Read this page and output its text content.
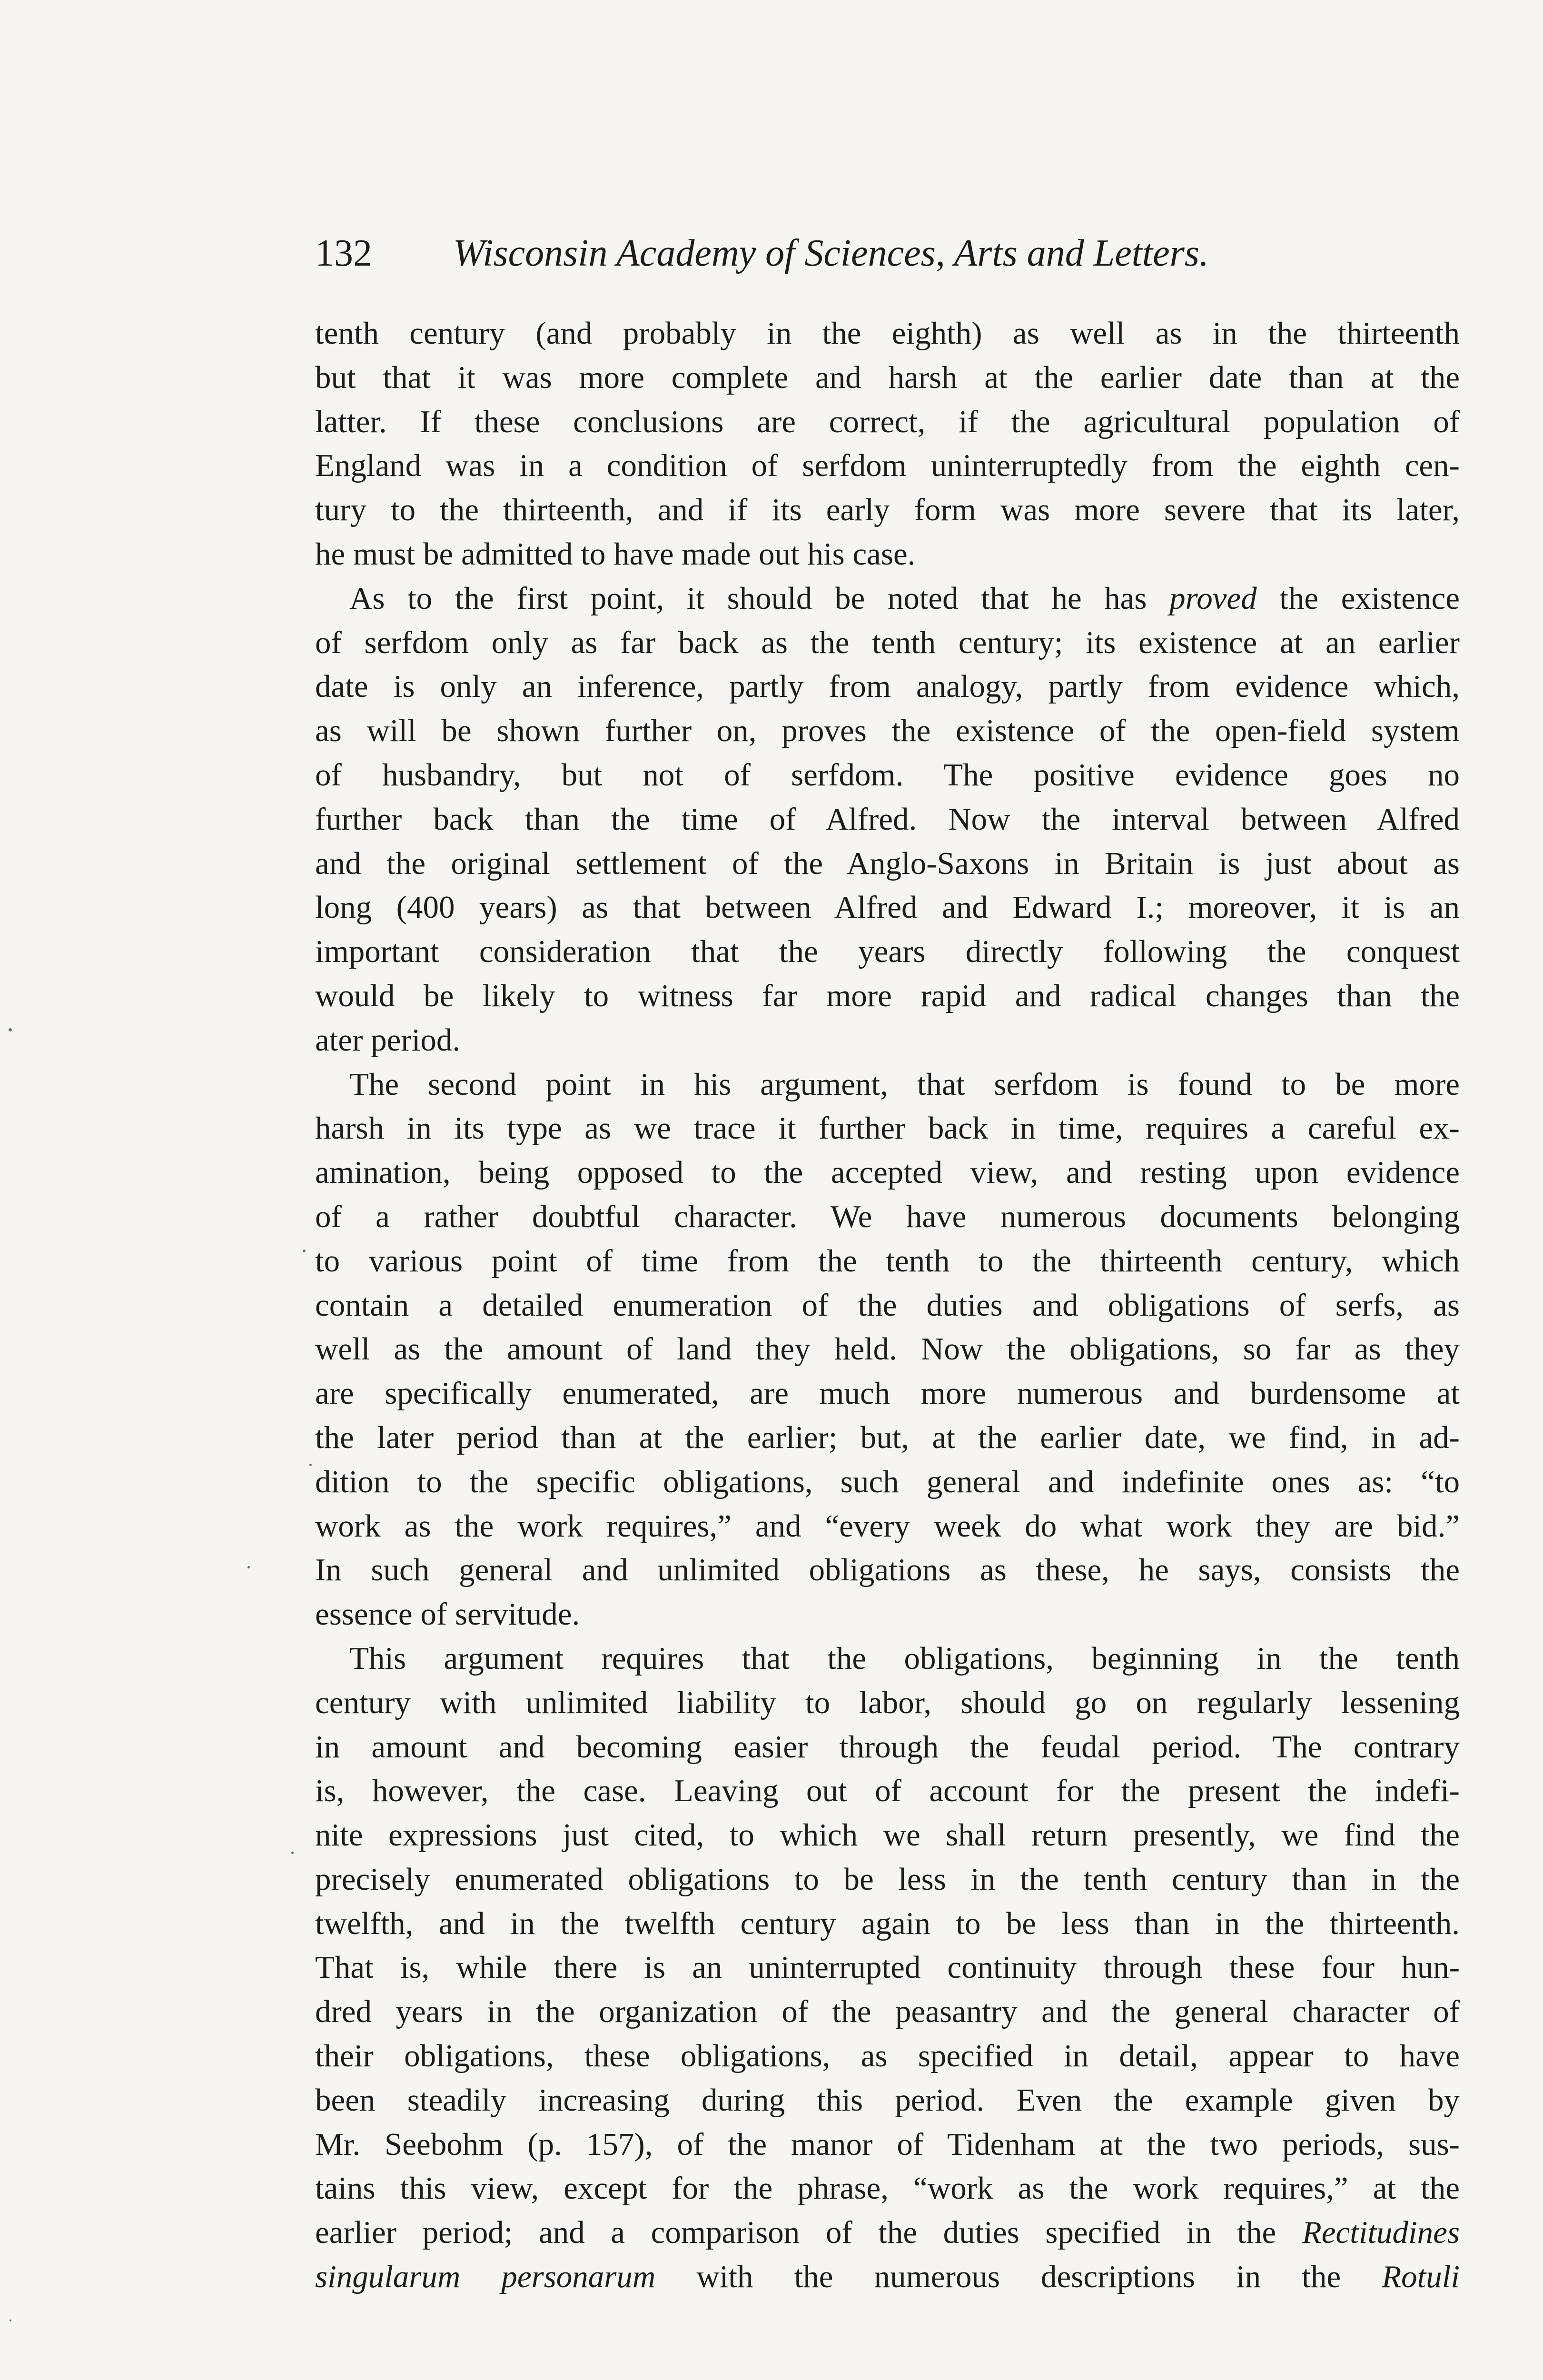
132 Wisconsin Academy of Sciences, Arts and Letters.
tenth century (and probably in the eighth) as well as in the thirteenth
but that it was more complete and harsh at the earlier date than at the
latter. If these conclusions are correct, if the agricultural population of
England was in a condition of serfdom uninterruptedly from the eighth cen-
tury to the thirteenth, and if its early form was more severe that its later,
he must be admitted to have made out his case.
As to the first point, it should be noted that he has proved the existence
of serfdom only as far back as the tenth century; its existence at an earlier
date is only an inference, partly from analogy, partly from evidence which,
as will be shown further on, proves the existence of the open-field system
of husbandry, but not of serfdom. The positive evidence goes no
further back than the time of Alfred. Now the interval between Alfred
and the original settlement of the Anglo-Saxons in Britain is just about as
long (400 years) as that between Alfred and Edward I.; moreover, it is an
important consideration that the years directly following the conquest
would be likely to witness far more rapid and radical changes than the
ater period.
The second point in his argument, that serfdom is found to be more
harsh in its type as we trace it further back in time, requires a careful ex-
amination, being opposed to the accepted view, and resting upon evidence
of a rather doubtful character. We have numerous documents belonging
to various point of time from the tenth to the thirteenth century, which
contain a detailed enumeration of the duties and obligations of serfs, as
well as the amount of land they held. Now the obligations, so far as they
are specifically enumerated, are much more numerous and burdensome at
the later period than at the earlier; but, at the earlier date, we find, in ad-
dition to the specific obligations, such general and indefinite ones as: “to
work as the work requires,” and “every week do what work they are bid.”
In such general and unlimited obligations as these, he says, consists the
essence of servitude.
This argument requires that the obligations, beginning in the tenth
century with unlimited liability to labor, should go on regularly lessening
in amount and becoming easier through the feudal period. The contrary
is, however, the case. Leaving out of account for the present the indefi-
nite expressions just cited, to which we shall return presently, we find the
precisely enumerated obligations to be less in the tenth century than in the
twelfth, and in the twelfth century again to be less than in the thirteenth.
That is, while there is an uninterrupted continuity through these four hun-
dred years in the organization of the peasantry and the general character of
their obligations, these obligations, as specified in detail, appear to have
been steadily increasing during this period. Even the example given by
Mr. Seebohm (p. 157), of the manor of Tidenham at the two periods, sus-
tains this view, except for the phrase, “work as the work requires,” at the
earlier period; and a comparison of the duties specified in the Rectitudines
singularum personarum with the numerous descriptions in the Rotuli
